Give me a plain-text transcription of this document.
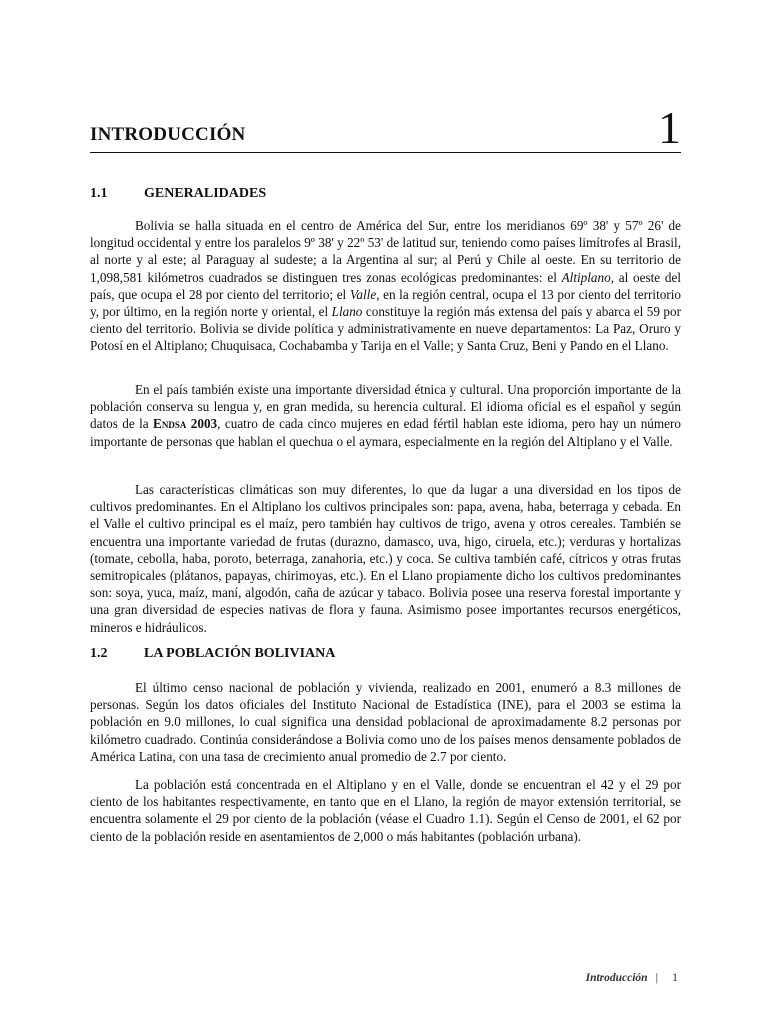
INTRODUCCIÓN	1
1.1	GENERALIDADES

Bolivia se halla situada en el centro de América del Sur, entre los meridianos 69º 38' y 57º 26' de longitud occidental y entre los paralelos 9º 38' y 22º 53' de latitud sur, teniendo como países limítrofes al Brasil, al norte y al este; al Paraguay al sudeste; a la Argentina al sur; al Perú y Chile al oeste. En su territorio de 1,098,581 kilómetros cuadrados se distinguen tres zonas ecológicas predominantes: el Altiplano, al oeste del país, que ocupa el 28 por ciento del territorio; el Valle, en la región central, ocupa el 13 por ciento del territorio y, por último, en la región norte y oriental, el Llano constituye la región más extensa del país y abarca el 59 por ciento del territorio. Bolivia se divide política y administrativamente en nueve departamentos: La Paz, Oruro y Potosí en el Altiplano; Chuquisaca, Cochabamba y Tarija en el Valle; y Santa Cruz, Beni y Pando en el Llano.

En el país también existe una importante diversidad étnica y cultural. Una proporción importante de la población conserva su lengua y, en gran medida, su herencia cultural. El idioma oficial es el español y según datos de la Endsa 2003, cuatro de cada cinco mujeres en edad fértil hablan este idioma, pero hay un número importante de personas que hablan el quechua o el aymara, especialmente en la región del Altiplano y el Valle.

Las características climáticas son muy diferentes, lo que da lugar a una diversidad en los tipos de cultivos predominantes. En el Altiplano los cultivos principales son: papa, avena, haba, beterraga y cebada. En el Valle el cultivo principal es el maíz, pero también hay cultivos de trigo, avena y otros cereales. También se encuentra una importante variedad de frutas (durazno, damasco, uva, higo, ciruela, etc.); verduras y hortalizas (tomate, cebolla, haba, poroto, beterraga, zanahoria, etc.) y coca. Se cultiva también café, cítricos y otras frutas semitropicales (plátanos, papayas, chirimoyas, etc.). En el Llano propiamente dicho los cultivos predominantes son: soya, yuca, maíz, maní, algodón, caña de azúcar y tabaco. Bolivia posee una reserva forestal importante y una gran diversidad de especies nativas de flora y fauna. Asimismo posee importantes recursos energéticos, mineros e hidráulicos.

1.2	LA POBLACIÓN BOLIVIANA

El último censo nacional de población y vivienda, realizado en 2001, enumeró a 8.3 millones de personas. Según los datos oficiales del Instituto Nacional de Estadística (INE), para el 2003 se estima la población en 9.0 millones, lo cual significa una densidad poblacional de aproximadamente 8.2 personas por kilómetro cuadrado. Continúa considerándose a Bolivia como uno de los países menos densamente poblados de América Latina, con una tasa de crecimiento anual promedio de 2.7 por ciento.

La población está concentrada en el Altiplano y en el Valle, donde se encuentran el 42 y el 29 por ciento de los habitantes respectivamente, en tanto que en el Llano, la región de mayor extensión territorial, se encuentra solamente el 29 por ciento de la población (véase el Cuadro 1.1). Según el Censo de 2001, el 62 por ciento de la población reside en asentamientos de 2,000 o más habitantes (población urbana).

Introducción | 1
